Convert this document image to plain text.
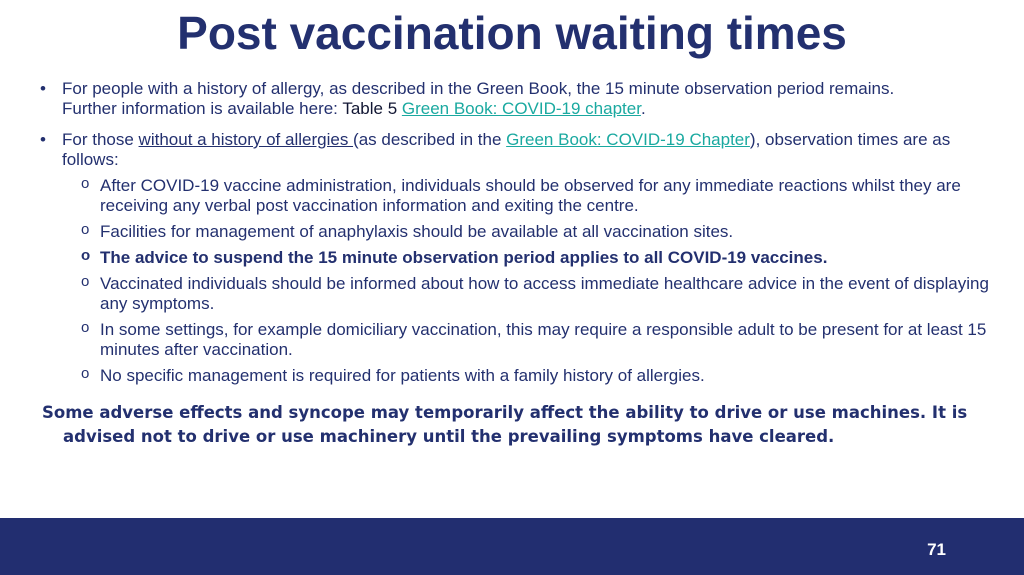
Post vaccination waiting times
• For people with a history of allergy, as described in the Green Book, the 15 minute observation period remains.
Further information is available here: Table 5 Green Book: COVID-19 chapter.
• For those without a history of allergies (as described in the Green Book: COVID-19 Chapter), observation times are as follows:
o After COVID-19 vaccine administration, individuals should be observed for any immediate reactions whilst they are receiving any verbal post vaccination information and exiting the centre.
o Facilities for management of anaphylaxis should be available at all vaccination sites.
o The advice to suspend the 15 minute observation period applies to all COVID-19 vaccines.
o Vaccinated individuals should be informed about how to access immediate healthcare advice in the event of displaying any symptoms.
o In some settings, for example domiciliary vaccination, this may require a responsible adult to be present for at least 15 minutes after vaccination.
o No specific management is required for patients with a family history of allergies.
Some adverse effects and syncope may temporarily affect the ability to drive or use machines. It is
advised not to drive or use machinery until the prevailing symptoms have cleared.
71
